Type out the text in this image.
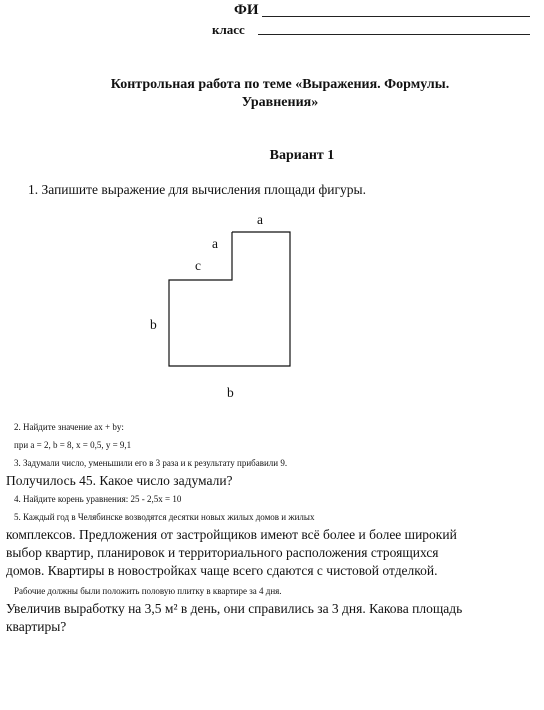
ФИ
класс
Контрольная работа по теме «Выражения. Формулы.
Уравнения»
Вариант 1
1. Запишите выражение для вычисления площади фигуры.
a
a
c
b
b
2. Найдите значение ax + by:
при a = 2, b = 8, x = 0,5, y = 9,1
3. Задумали число, уменьшили его в 3 раза и к результату прибавили 9.
Получилось 45. Какое число задумали?
4. Найдите корень уравнения: 25 - 2,5x = 10
5. Каждый год в Челябинске возводятся десятки новых жилых домов и жилых
комплексов. Предложения от застройщиков имеют всё более и более широкий
выбор квартир, планировок и территориального расположения строящихся
домов. Квартиры в новостройках чаще всего сдаются с чистовой отделкой.
Рабочие должны были положить половую плитку в квартире за 4 дня.
Увеличив выработку на 3,5 м² в день, они справились за 3 дня. Какова площадь
квартиры?
